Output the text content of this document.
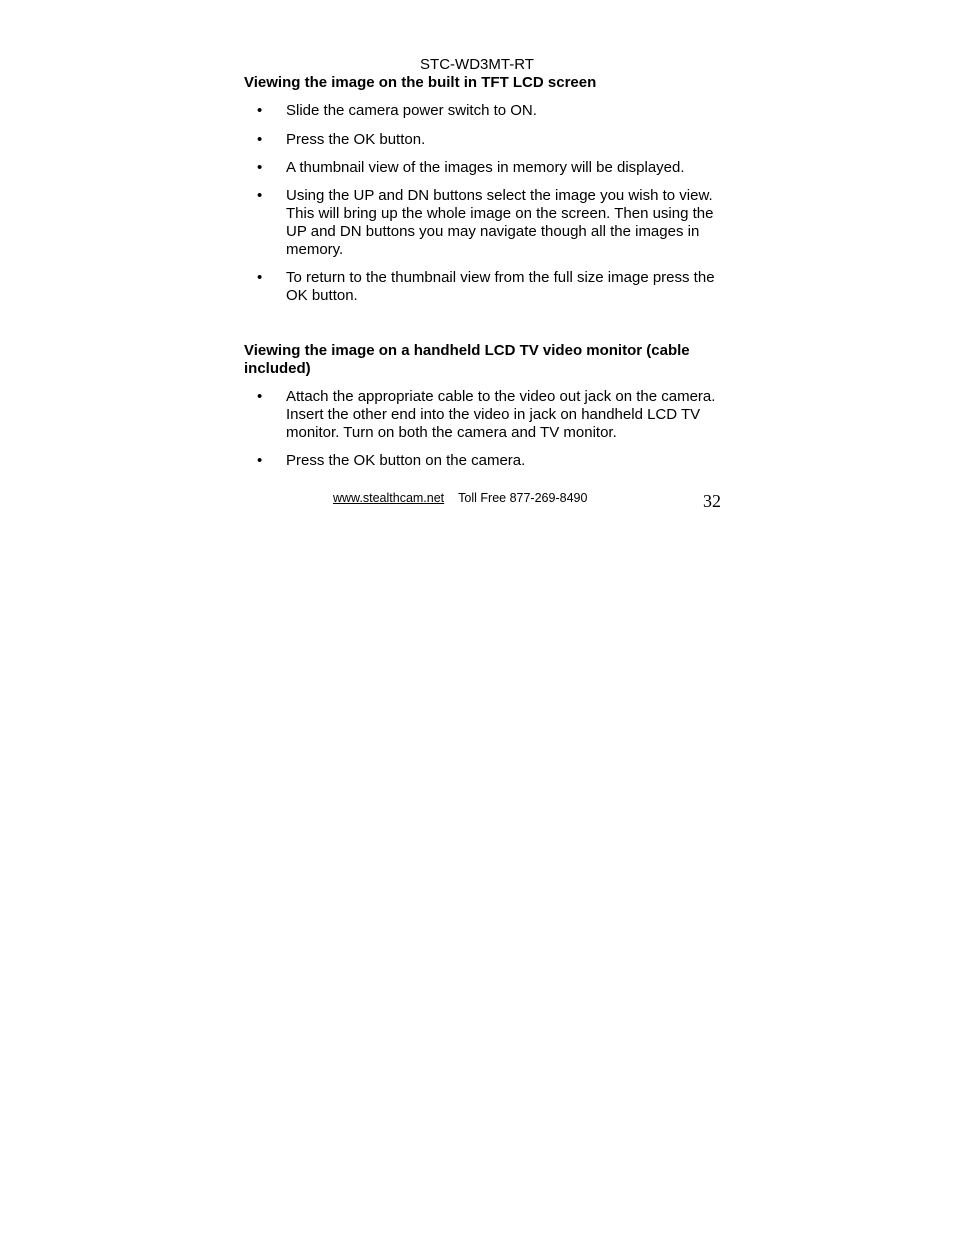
STC-WD3MT-RT

Viewing the image on the built in TFT LCD screen

• Slide the camera power switch to ON.
• Press the OK button.
• A thumbnail view of the images in memory will be displayed.
• Using the UP and DN buttons select the image you wish to view. This will bring up the whole image on the screen. Then using the UP and DN buttons you may navigate though all the images in memory.
• To return to the thumbnail view from the full size image press the OK button.

Viewing the image on a handheld LCD TV video monitor (cable included)

• Attach the appropriate cable to the video out jack on the camera. Insert the other end into the video in jack on handheld LCD TV monitor. Turn on both the camera and TV monitor.
• Press the OK button on the camera.
www.stealthcam.net Toll Free 877-269-8490	32
